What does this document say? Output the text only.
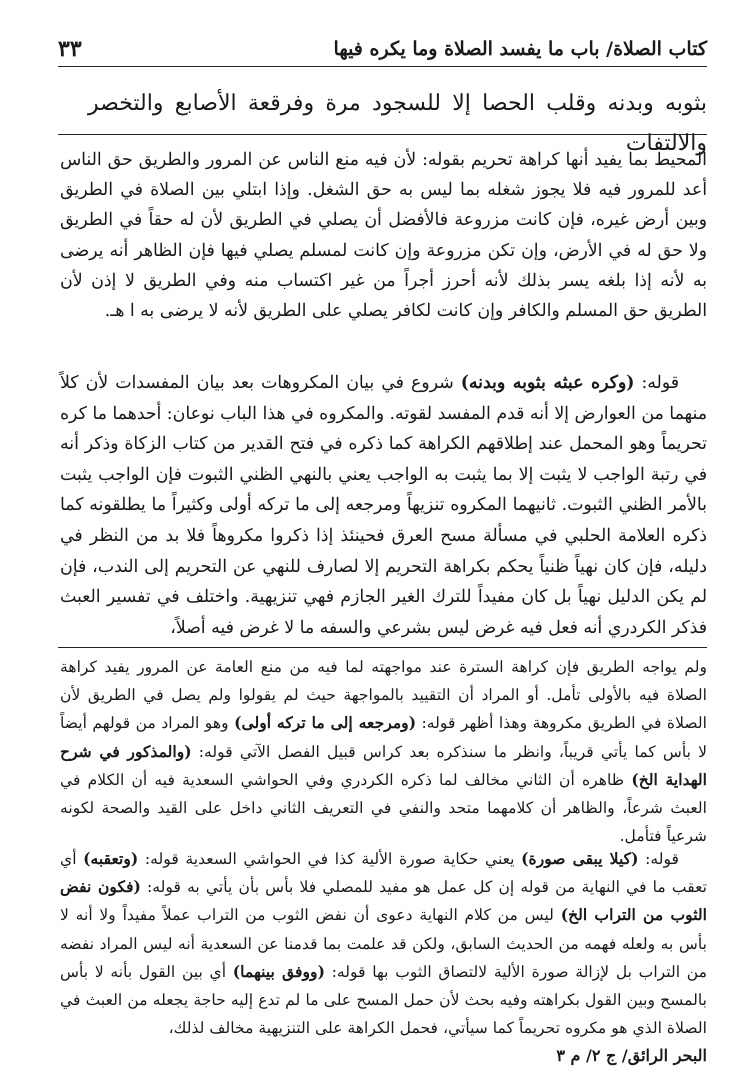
كتاب الصلاة/ باب ما يفسد الصلاة وما يكره فيها
٣٣
بثوبه وبدنه وقلب الحصا إلا للسجود مرة وفرقعة الأصابع والتخصر والالتفات

المحيط بما يفيد أنها كراهة تحريم بقوله: لأن فيه منع الناس عن المرور والطريق حق الناس أعد للمرور فيه فلا يجوز شغله بما ليس به حق الشغل. وإذا ابتلي بين الصلاة في الطريق وبين أرض غيره، فإن كانت مزروعة فالأفضل أن يصلي في الطريق لأن له حقاً في الطريق ولا حق له في الأرض، وإن تكن مزروعة وإن كانت لمسلم يصلي فيها فإن الظاهر أنه يرضى به لأنه إذا بلغه يسر بذلك لأنه أحرز أجراً من غير اكتساب منه وفي الطريق لا إذن لأن الطريق حق المسلم والكافر وإن كانت لكافر يصلي على الطريق لأنه لا يرضى به ا هـ.

قوله: (وكره عبثه بثوبه وبدنه) شروع في بيان المكروهات بعد بيان المفسدات لأن كلاً منهما من العوارض إلا أنه قدم المفسد لقوته. والمكروه في هذا الباب نوعان: أحدهما ما كره تحريماً وهو المحمل عند إطلاقهم الكراهة كما ذكره في فتح القدير من كتاب الزكاة وذكر أنه في رتبة الواجب لا يثبت إلا بما يثبت به الواجب يعني بالنهي الظني الثبوت فإن الواجب يثبت بالأمر الظني الثبوت. ثانيهما المكروه تنزيهاً ومرجعه إلى ما تركه أولى وكثيراً ما يطلقونه كما ذكره العلامة الحلبي في مسألة مسح العرق فحينئذ إذا ذكروا مكروهاً فلا بد من النظر في دليله، فإن كان نهياً ظنياً يحكم بكراهة التحريم إلا لصارف للنهي عن التحريم إلى الندب، فإن لم يكن الدليل نهياً بل كان مفيداً للترك الغير الجازم فهي تنزيهية. واختلف في تفسير العبث فذكر الكردري أنه فعل فيه غرض ليس بشرعي والسفه ما لا غرض فيه أصلاً،

ولم يواجه الطريق فإن كراهة السترة عند مواجهته لما فيه من منع العامة عن المرور يفيد كراهة الصلاة فيه بالأولى تأمل. أو المراد أن التقييد بالمواجهة حيث لم يقولوا ولم يصل في الطريق لأن الصلاة في الطريق مكروهة وهذا أظهر قوله: (ومرجعه إلى ما تركه أولى) وهو المراد من قولهم أيضاً لا بأس كما يأتي قريباً، وانظر ما سنذكره بعد كراس قبيل الفصل الآتي قوله: (والمذكور في شرح الهداية الخ) ظاهره أن الثاني مخالف لما ذكره الكردري وفي الحواشي السعدية فيه أن الكلام في العبث شرعاً، والظاهر أن كلامهما متحد والنفي في التعريف الثاني داخل على القيد والصحة لكونه شرعياً فتأمل.

قوله: (كيلا يبقى صورة) يعني حكاية صورة الألية كذا في الحواشي السعدية قوله: (وتعقبه) أي تعقب ما في النهاية من قوله إن كل عمل هو مفيد للمصلي فلا بأس بأن يأتي به قوله: (فكون نفض الثوب من التراب الخ) ليس من كلام النهاية دعوى أن نفض الثوب من التراب عملاً مفيداً ولا أنه لا بأس به ولعله فهمه من الحديث السابق، ولكن قد علمت بما قدمنا عن السعدية أنه ليس المراد نفضه من التراب بل لإزالة صورة الألية لالتصاق الثوب بها قوله: (ووفق بينهما) أي بين القول بأنه لا بأس بالمسح وبين القول بكراهته وفيه بحث لأن حمل المسح على ما لم تدع إليه حاجة يجعله من العبث في الصلاة الذي هو مكروه تحريماً كما سيأتي، فحمل الكراهة على التنزيهية مخالف لذلك،

البحر الرائق/ ج ٢/ م ٣
